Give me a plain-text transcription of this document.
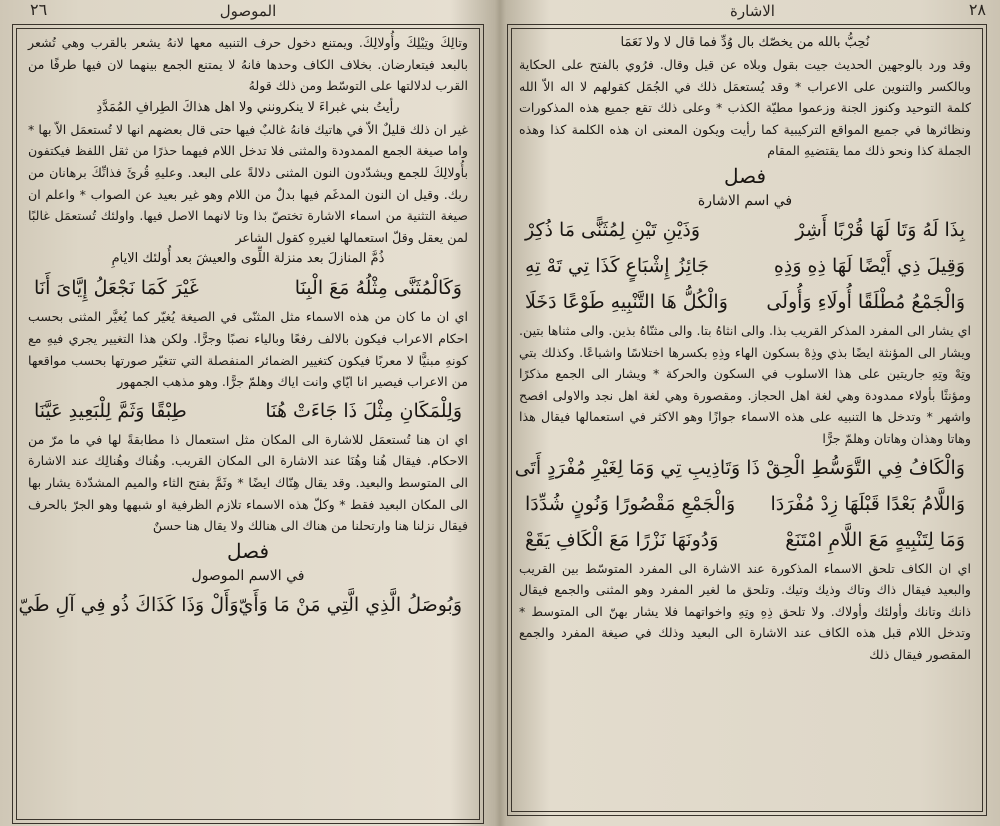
٢٦	الموصول

وتالِكَ وتِيْلِكَ وأُولالِكَ. ويمتنع دخول حرف التنبيه معها لانهُ يشعر بالقرب وهي تُشعر بالبعد فيتعارضان. بخلاف الكاف وحدها فانهُ لا يمتنع الجمع بينهما لان فيها طرفًا من القرب لدلالتها على التوسّط ومن ذلك قولهُ

رأيتُ بني غبراءَ لا ينكرونني ولا اهل هذاكَ الطِرافِ المُمَدَّدِ

غير ان ذلك قليلٌ الاّ في هاتيك فانهُ غالبٌ فيها حتى قال بعضهم انها لا تُستعمَل الاّ بها * واما صيغة الجمع الممدودة والمثنى فلا تدخل اللام فيهما حذرًا من ثقل اللفظ فيكتفون بأُولالِكَ للجمع ويشدّدون النون المثنى دلالةً على البعد. وعليهِ قُرئَ فذانِّكَ برهانان من ربك. وقيل ان النون المدغَم فيها بدلٌ من اللام وهو غير بعيد عن الصواب * واعلم ان صيغة التثنية من اسماء الاشارة تختصّ بذا وتا لانهما الاصل فيها. واولئك تُستعمَل غالبًا لمن يعقل وقلّ استعمالها لغيرهِ كقول الشاعر

ذُمَّ المنازلَ بعد منزلة اللِّوى والعيشَ بعد أُولئك الايامِ
وَكَالْمُثَنَّى مِثْلُهُ مَعَ الْبِنَا
غَيْرَ كَمَا نَجْعَلُ إِيَّاىَ أَنَا

اي ان ما كان من هذه الاسماء مثل المثنّى في الصيغة يُغيّر كما يُغيَّر المثنى بحسب احكام الاعراب فيكون بالالف رفعًا وبالياء نصبًا وجرًّا. ولكن هذا التغيير يجري فيهِ مع كونهِ مبنيًّا لا معربًا فيكون كتغيير الضمائر المنفصلة التي تتغيّر صورتها بحسب مواقعها من الاعراب فيصير انا ايّاي وانت اياك وهلمّ جرًّا. وهو مذهب الجمهور

وَلِلْمَكَانِ مِثْلَ ذَا جَاءَتْ هُنَا
طِبْقًا وَثَمَّ لِلْبَعِيدِ عَيَّنَا

اي ان هنا تُستعمَل للاشارة الى المكان مثل استعمال ذا مطابقةً لها في ما مرّ من الاحكام. فيقال هُنا وهُنَا عند الاشارة الى المكان القريب. وهُناك وهُنالِك عند الاشارة الى المتوسط والبعيد. وقد يقال هِنّاك ايضًا * وثَمَّ بفتح الثاء والميم المشدّدة يشار بها الى المكان البعيد فقط * وكلّ هذه الاسماء تلازم الظرفية او شبهها وهو الجرّ بالحرف فيقال نزلنا هنا وارتحلنا من هناك الى هنالك ولا يقال هنا حسنٌ

فصل
في الاسم الموصول
وَبُوصَلُ الَّذِي الَّتِي مَنْ مَا وَأَيّ
وَأَلْ وَذَا كَذَاكَ ذُو فِي آلِ طَيّ
٢٨
الاشارة
نُحِبُّ بالله من يخصّك بال وُدِّ فما قال لا ولا نَعَمَا

وقد ورد بالوجهين الحديث جيت بقول وبلاه عن قيل وقال. فرُوي بالفتح على الحكاية وبالكسر والتنوين على الاعراب * وقد يُستعمَل ذلك في الجُمَل كقولهم لا اله الاّ الله كلمة التوحيد وكنوز الجنة وزعموا مطيّة الكذب * وعلى ذلك تقع جميع هذه المذكورات ونظائرها في جميع المواقع التركيبية كما رأيت ويكون المعنى ان هذه الكلمة كذا وهذه الجملة كذا ونحو ذلك مما يقتضيهِ المقام

فصل
في اسم الاشارة
بِذَا لَهُ وَتَا لَهَا قُرْبًا أَشِرْ
وَذَيْنِ تَيْنِ لِمُثَنًّى مَا ذُكِرْ
وَقِيلَ ذِي أَيْضًا لَهَا ذِهِ وَذِهِ
جَائِزُ إِشْبَاعٍ كَذَا تِي تَهْ تِهِ
وَالْجَمْعُ مُطْلَقًا أُولَاءِ وَأُولَى
وَالْكُلُّ هَا التَّنْبِيهِ طَوْعًا دَخَلَا

اي يشار الى المفرد المذكر القريب بذا. والى انثاهُ بتا. والى مثنّاهُ بذين. والى مثناها بتين. ويشار الى المؤنثة ايضًا بذي وذِهْ بسكون الهاء وذِهِ بكسرها اختلاسًا واشباعًا. وكذلك بتي وتِهْ وتِهِ جاريتين على هذا الاسلوب في السكون والحركة * ويشار الى الجمع مذكرًا ومؤنثًا بأولاء ممدودة وهي لغة اهل الحجاز. ومقصورة وهي لغة اهل نجد والاولى افصح واشهر * وتدخل ها التنبيه على هذه الاسماء جوازًا وهو الاكثر في استعمالها فيقال هذا وهاتا وهذان وهاتان وهلمّ جرًّا

وَالْكَافُ فِي التَّوَسُّطِ الْحِقْ ذَا وَتَا
ذِيبِ تِي وَمَا لِغَيْرِ مُفْرَدٍ أَتَى
وَاللَّامُ بَعْدًا قَبْلَهَا زِدْ مُفْرَدَا
وَالْجَمْعِ مَقْصُورًا وَنُونٍ شُدِّدَا
وَمَا لِتَنْبِيهٍ مَعَ اللَّامِ امْتَنَعْ
وَدُونَهَا نَزْرًا مَعَ الْكَافِ يَقَعْ

اي ان الكاف تلحق الاسماء المذكورة عند الاشارة الى المفرد المتوسّط بين القريب والبعيد فيقال ذاك وتاك وذيك وتيك. وتلحق ما لغير المفرد وهو المثنى والجمع فيقال ذانك وتانك وأولئك وأولاك. ولا تلحق ذِهِ وتِهِ واخواتهما فلا يشار بهنّ الى المتوسط * وتدخل اللام قبل هذه الكاف عند الاشارة الى البعيد وذلك في صيغة المفرد والجمع المقصور فيقال ذلك
